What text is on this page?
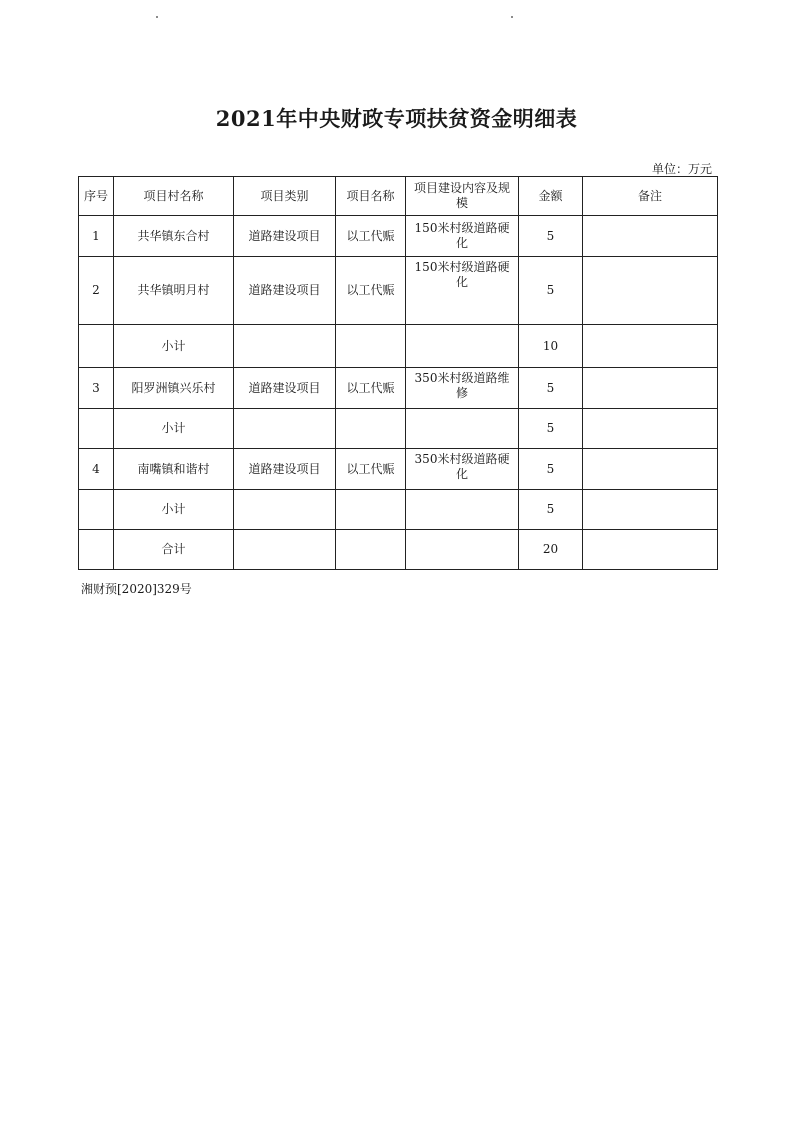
2021年中央财政专项扶贫资金明细表
单位：万元
序号	项目村名称	项目类别	项目名称	项目建设内容及规模	金额	备注
1	共华镇东合村	道路建设项目	以工代赈	150米村级道路硬化	5	
2	共华镇明月村	道路建设项目	以工代赈	150米村级道路硬化	5	
	小计				10	
3	阳罗洲镇兴乐村	道路建设项目	以工代赈	350米村级道路维修	5	
	小计				5	
4	南嘴镇和谐村	道路建设项目	以工代赈	350米村级道路硬化	5	
	小计				5	
	合计				20	
湘财预[2020]329号
